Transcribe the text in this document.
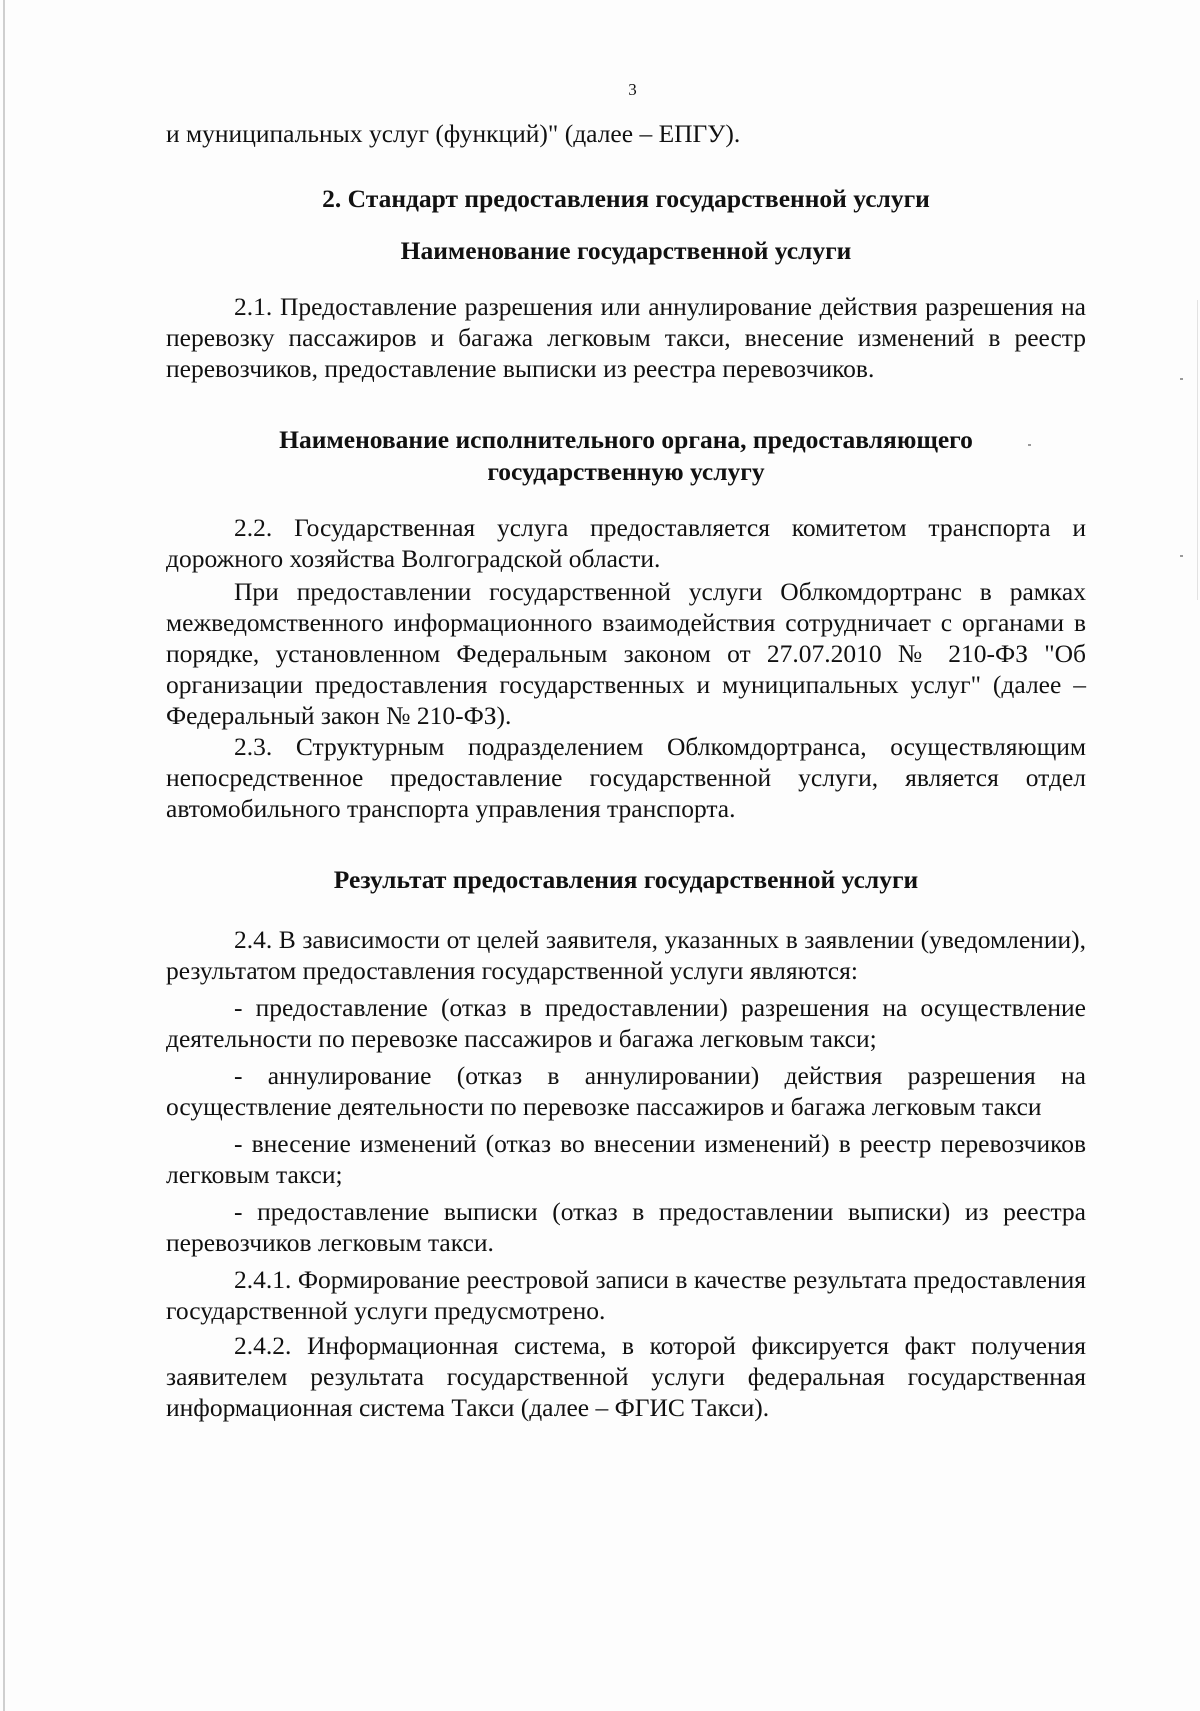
3

и муниципальных услуг (функций)" (далее – ЕПГУ).

2. Стандарт предоставления государственной услуги
Наименование государственной услуги

2.1. Предоставление разрешения или аннулирование действия разрешения на перевозку пассажиров и багажа легковым такси, внесение изменений в реестр перевозчиков, предоставление выписки из реестра перевозчиков.

Наименование исполнительного органа, предоставляющего государственную услугу

2.2. Государственная услуга предоставляется комитетом транспорта и дорожного хозяйства Волгоградской области.

При предоставлении государственной услуги Облкомдортранс в рамках межведомственного информационного взаимодействия сотрудничает с органами в порядке, установленном Федеральным законом от 27.07.2010 № 210-ФЗ "Об организации предоставления государственных и муниципальных услуг" (далее – Федеральный закон № 210-ФЗ).

2.3. Структурным подразделением Облкомдортранса, осуществляющим непосредственное предоставление государственной услуги, является отдел автомобильного транспорта управления транспорта.

Результат предоставления государственной услуги

2.4. В зависимости от целей заявителя, указанных в заявлении (уведомлении), результатом предоставления государственной услуги являются:

- предоставление (отказ в предоставлении) разрешения на осуществление деятельности по перевозке пассажиров и багажа легковым такси;

- аннулирование (отказ в аннулировании) действия разрешения на осуществление деятельности по перевозке пассажиров и багажа легковым такси

- внесение изменений (отказ во внесении изменений) в реестр перевозчиков легковым такси;

- предоставление выписки (отказ в предоставлении выписки) из реестра перевозчиков легковым такси.

2.4.1. Формирование реестровой записи в качестве результата предоставления государственной услуги предусмотрено.

2.4.2. Информационная система, в которой фиксируется факт получения заявителем результата государственной услуги федеральная государственная информационная система Такси (далее – ФГИС Такси).
